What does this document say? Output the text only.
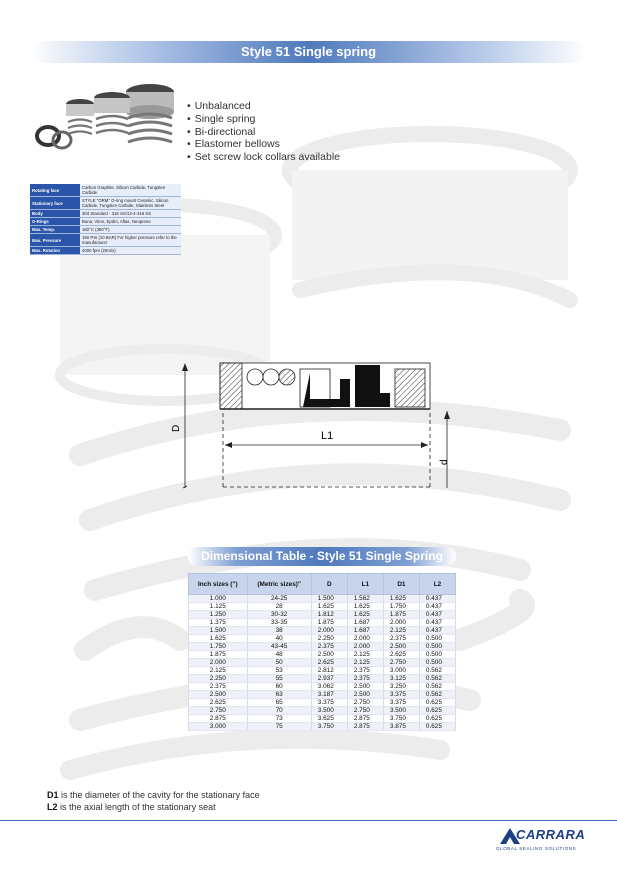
Style 51 Single spring
• Unbalanced
• Single spring
• Bi-directional
• Elastomer bellows
• Set screw lock collars available
Rotating face	Carbon Graphite, Silicon Carbide, Tungsten Carbide
Stationary face	STYLE "ORM" O-ring mount Ceramic, Silicon Carbide, Tungsten Carbide, Stainless Steel
Body	304 Standard - 316 SS/13-4-316 SS
O-Rings	Buna, Viton, Epdm, Aflas, Neoprene
Max. Temp.	182°C (350°F)
Max. Pressure	150 PSI (10 BAR) For higher pressure refer to the manufacturer
Max. Rotation	4000 fpm (20m/s)
D
L1
d
Dimensional Table - Style 51 Single Spring
Inch sizes (")	(Metric sizes)"	D	L1	D1	L2
1.000	24-25	1.500	1.562	1.625	0.437
1.125	28	1.625	1.625	1.750	0.437
1.250	30-32	1.812	1.625	1.875	0.437
1.375	33-35	1.875	1.687	2.000	0.437
1.500	38	2.000	1.687	2.125	0.437
1.625	40	2.250	2.000	2.375	0.500
1.750	43-45	2.375	2.000	2.500	0.500
1.875	48	2.500	2.125	2.625	0.500
2.000	50	2.625	2.125	2.750	0.500
2.125	53	2.812	2.375	3.000	0.562
2.250	55	2.937	2.375	3.125	0.562
2.375	60	3.062	2.500	3.250	0.562
2.500	63	3.187	2.500	3.375	0.562
2.625	65	3.375	2.750	3.375	0.625
2.750	70	3.500	2.750	3.500	0.625
2.875	73	3.625	2.875	3.750	0.625
3.000	75	3.750	2.875	3.875	0.625
D1 is the diameter of the cavity for the stationary face
L2 is the axial length of the stationary seat
CARRARA
GLOBAL SEALING SOLUTIONS
